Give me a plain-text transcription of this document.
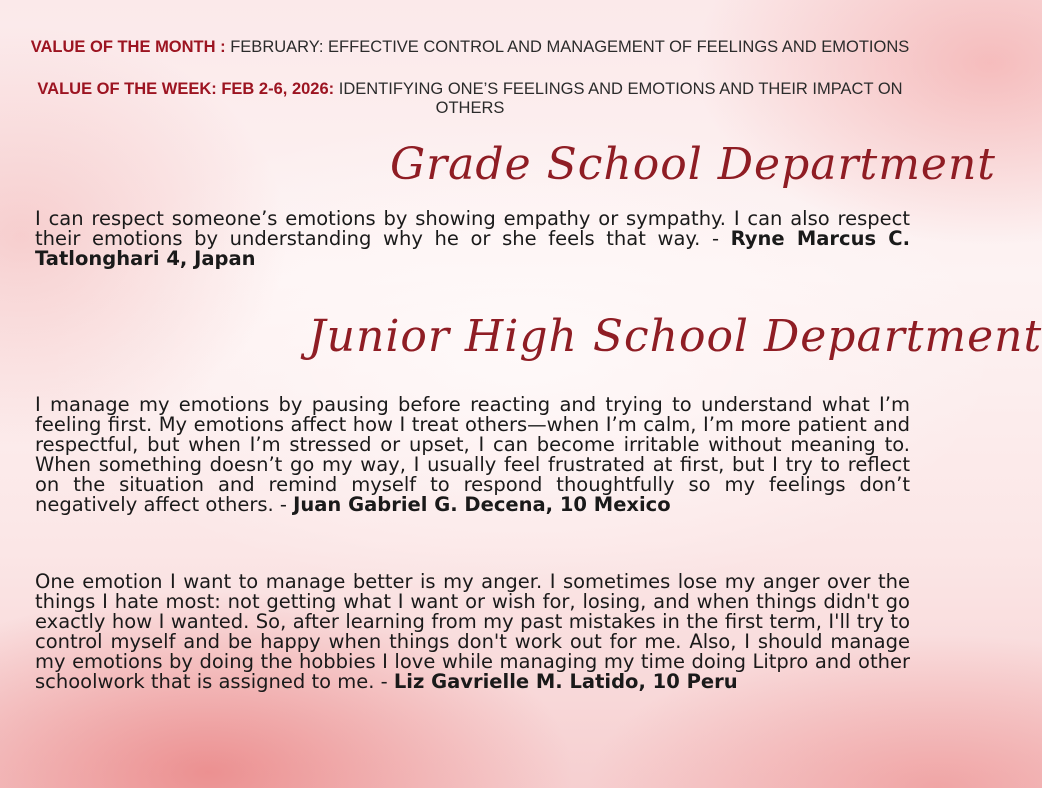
VALUE OF THE MONTH : FEBRUARY: EFFECTIVE CONTROL AND MANAGEMENT OF FEELINGS AND EMOTIONS
VALUE OF THE WEEK: FEB 2-6, 2026: IDENTIFYING ONE’S FEELINGS AND EMOTIONS AND THEIR IMPACT ON OTHERS
Grade School Department
I can respect someone’s emotions by showing empathy or sympathy. I can also respect their emotions by understanding why he or she feels that way. - Ryne Marcus C. Tatlonghari 4, Japan
Junior High School Department
I manage my emotions by pausing before reacting and trying to understand what I’m feeling first. My emotions affect how I treat others—when I’m calm, I’m more patient and respectful, but when I’m stressed or upset, I can become irritable without meaning to. When something doesn’t go my way, I usually feel frustrated at first, but I try to reflect on the situation and remind myself to respond thoughtfully so my feelings don’t negatively affect others. - Juan Gabriel G. Decena, 10 Mexico
One emotion I want to manage better is my anger. I sometimes lose my anger over the things I hate most: not getting what I want or wish for, losing, and when things didn't go exactly how I wanted. So, after learning from my past mistakes in the first term, I'll try to control myself and be happy when things don't work out for me. Also, I should manage my emotions by doing the hobbies I love while managing my time doing Litpro and other schoolwork that is assigned to me. - Liz Gavrielle M. Latido, 10 Peru
